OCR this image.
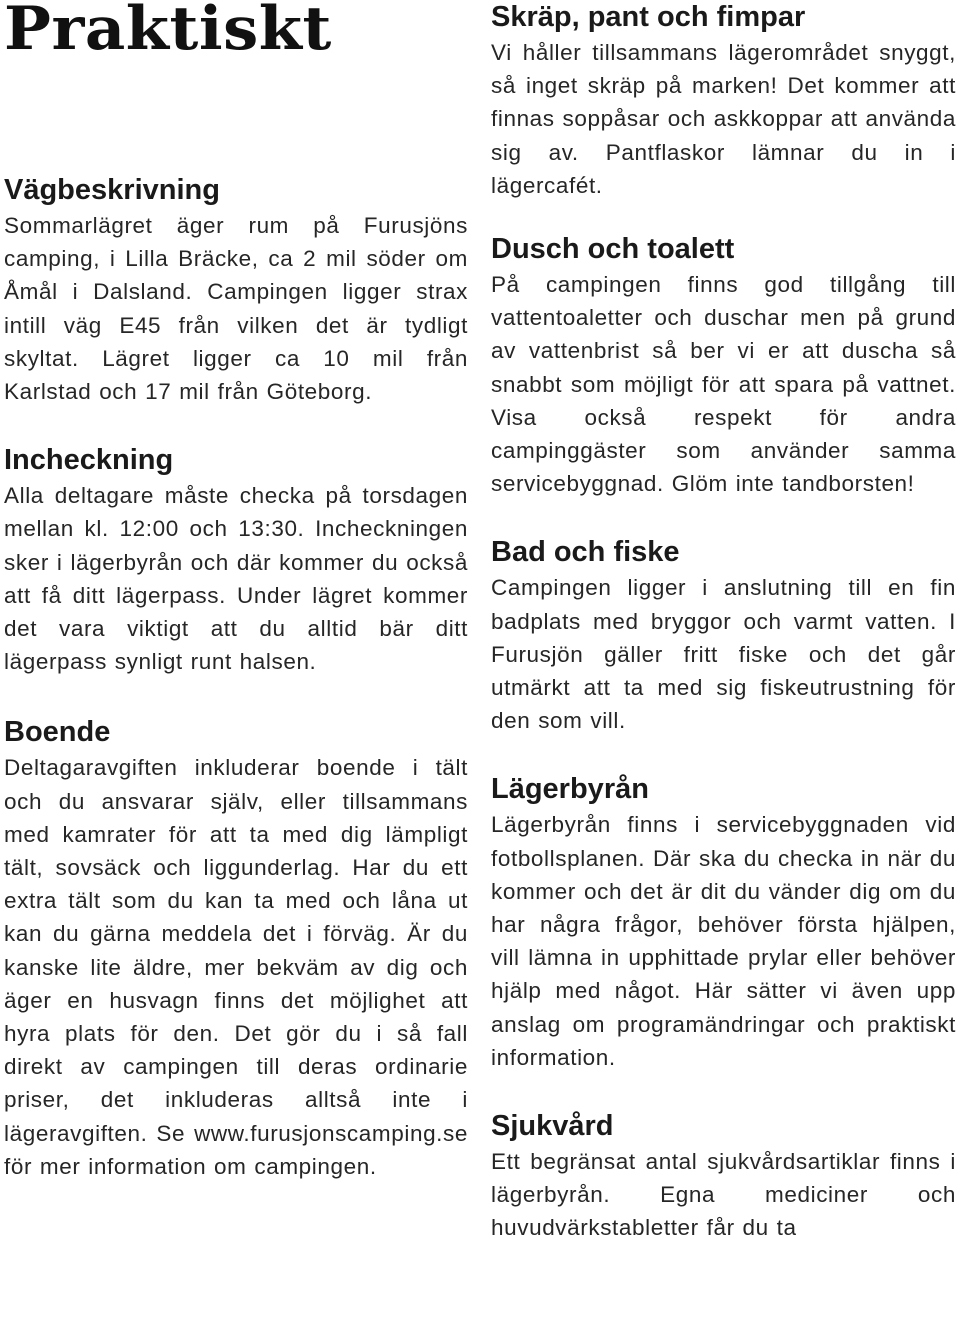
Praktiskt
Vägbeskrivning

Sommarlägret äger rum på Furusjöns camping, i Lilla Bräcke, ca 2 mil söder om Åmål i Dalsland. Campingen ligger strax intill väg E45 från vilken det är tydligt skyltat. Lägret ligger ca 10 mil från Karlstad och 17 mil från Göteborg.

Incheckning

Alla deltagare måste checka på torsdagen mellan kl. 12:00 och 13:30. Incheckningen sker i lägerbyrån och där kommer du också att få ditt lägerpass. Under lägret kommer det vara viktigt att du alltid bär ditt lägerpass synligt runt halsen.

Boende

Deltagaravgiften inkluderar boende i tält och du ansvarar själv, eller tillsammans med kamrater för att ta med dig lämpligt tält, sovsäck och liggunderlag. Har du ett extra tält som du kan ta med och låna ut kan du gärna meddela det i förväg. Är du kanske lite äldre, mer bekväm av dig och äger en husvagn finns det möjlighet att hyra plats för den. Det gör du i så fall direkt av campingen till deras ordinarie priser, det inkluderas alltså inte i lägeravgiften. Se www.furusjonscamping.se för mer information om campingen.

Skräp, pant och fimpar

Vi håller tillsammans lägerområdet snyggt, så inget skräp på marken! Det kommer att finnas soppåsar och askkoppar att använda sig av. Pantflaskor lämnar du in i lägercafét.

Dusch och toalett

På campingen finns god tillgång till vattentoaletter och duschar men på grund av vattenbrist så ber vi er att duscha så snabbt som möjligt för att spara på vattnet. Visa också respekt för andra campinggäster som använder samma servicebyggnad. Glöm inte tandborsten!

Bad och fiske

Campingen ligger i anslutning till en fin badplats med bryggor och varmt vatten. I Furusjön gäller fritt fiske och det går utmärkt att ta med sig fiskeutrustning för den som vill.

Lägerbyrån

Lägerbyrån finns i servicebyggnaden vid fotbollsplanen. Där ska du checka in när du kommer och det är dit du vänder dig om du har några frågor, behöver första hjälpen, vill lämna in upphittade prylar eller behöver hjälp med något. Här sätter vi även upp anslag om programändringar och praktiskt information.

Sjukvård

Ett begränsat antal sjukvårdsartiklar finns i lägerbyrån. Egna mediciner och huvudvärkstabletter får du ta
